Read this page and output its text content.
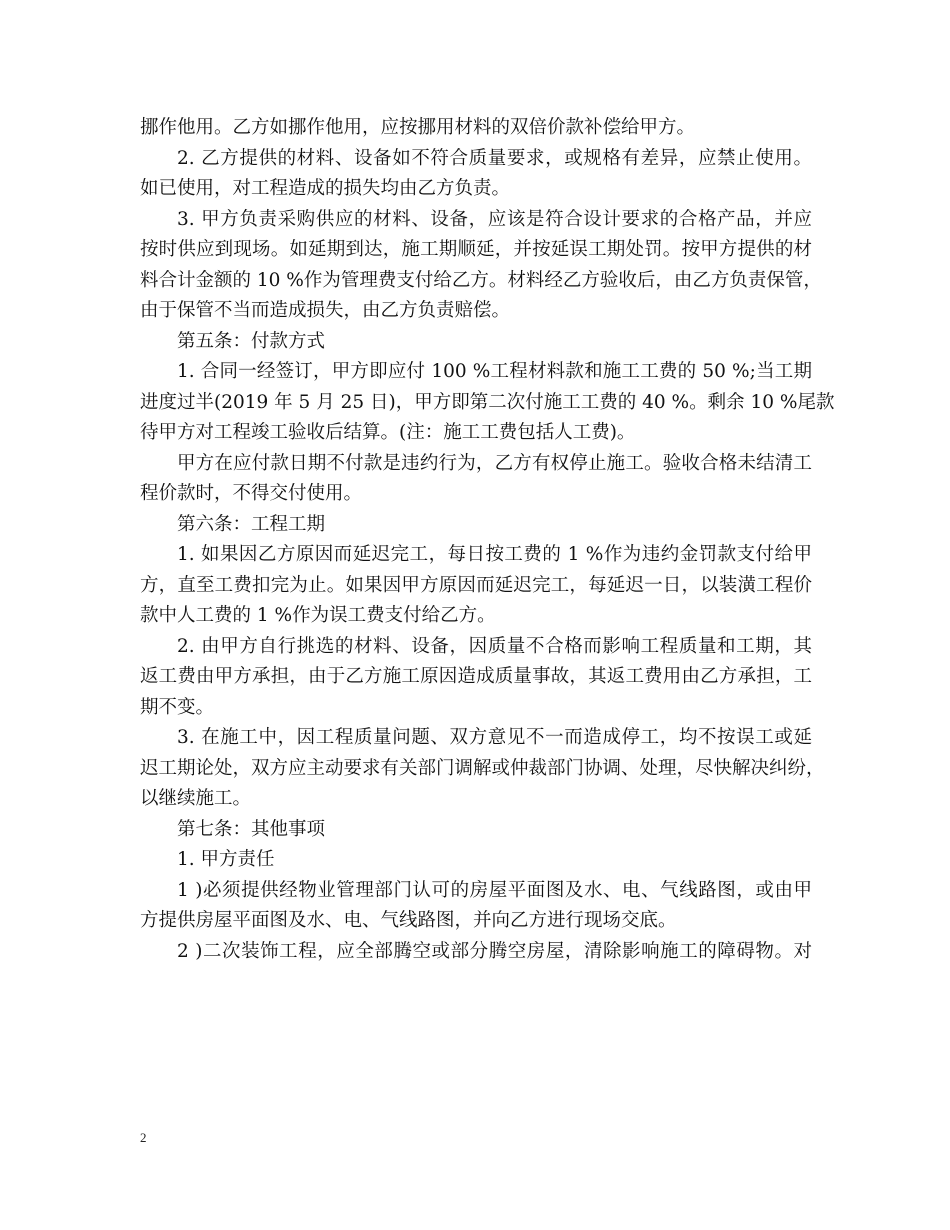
挪作他用。乙方如挪作他用，应按挪用材料的双倍价款补偿给甲方。
2. 乙方提供的材料、设备如不符合质量要求，或规格有差异，应禁止使用。
如已使用，对工程造成的损失均由乙方负责。
3. 甲方负责采购供应的材料、设备，应该是符合设计要求的合格产品，并应
按时供应到现场。如延期到达，施工期顺延，并按延误工期处罚。按甲方提供的材
料合计金额的 10 %作为管理费支付给乙方。材料经乙方验收后，由乙方负责保管，
由于保管不当而造成损失，由乙方负责赔偿。
第五条：付款方式
1. 合同一经签订，甲方即应付 100 %工程材料款和施工工费的 50 %;当工期
进度过半(2019 年 5 月 25 日)，甲方即第二次付施工工费的 40 %。剩余 10 %尾款
待甲方对工程竣工验收后结算。(注：施工工费包括人工费)。
甲方在应付款日期不付款是违约行为，乙方有权停止施工。验收合格未结清工
程价款时，不得交付使用。
第六条：工程工期
1. 如果因乙方原因而延迟完工，每日按工费的 1 %作为违约金罚款支付给甲
方，直至工费扣完为止。如果因甲方原因而延迟完工，每延迟一日，以装潢工程价
款中人工费的 1 %作为误工费支付给乙方。
2. 由甲方自行挑选的材料、设备，因质量不合格而影响工程质量和工期，其
返工费由甲方承担，由于乙方施工原因造成质量事故，其返工费用由乙方承担，工
期不变。
3. 在施工中，因工程质量问题、双方意见不一而造成停工，均不按误工或延
迟工期论处，双方应主动要求有关部门调解或仲裁部门协调、处理，尽快解决纠纷，
以继续施工。
第七条：其他事项
1. 甲方责任
1 )必须提供经物业管理部门认可的房屋平面图及水、电、气线路图，或由甲
方提供房屋平面图及水、电、气线路图，并向乙方进行现场交底。
2 )二次装饰工程，应全部腾空或部分腾空房屋，清除影响施工的障碍物。对
2
